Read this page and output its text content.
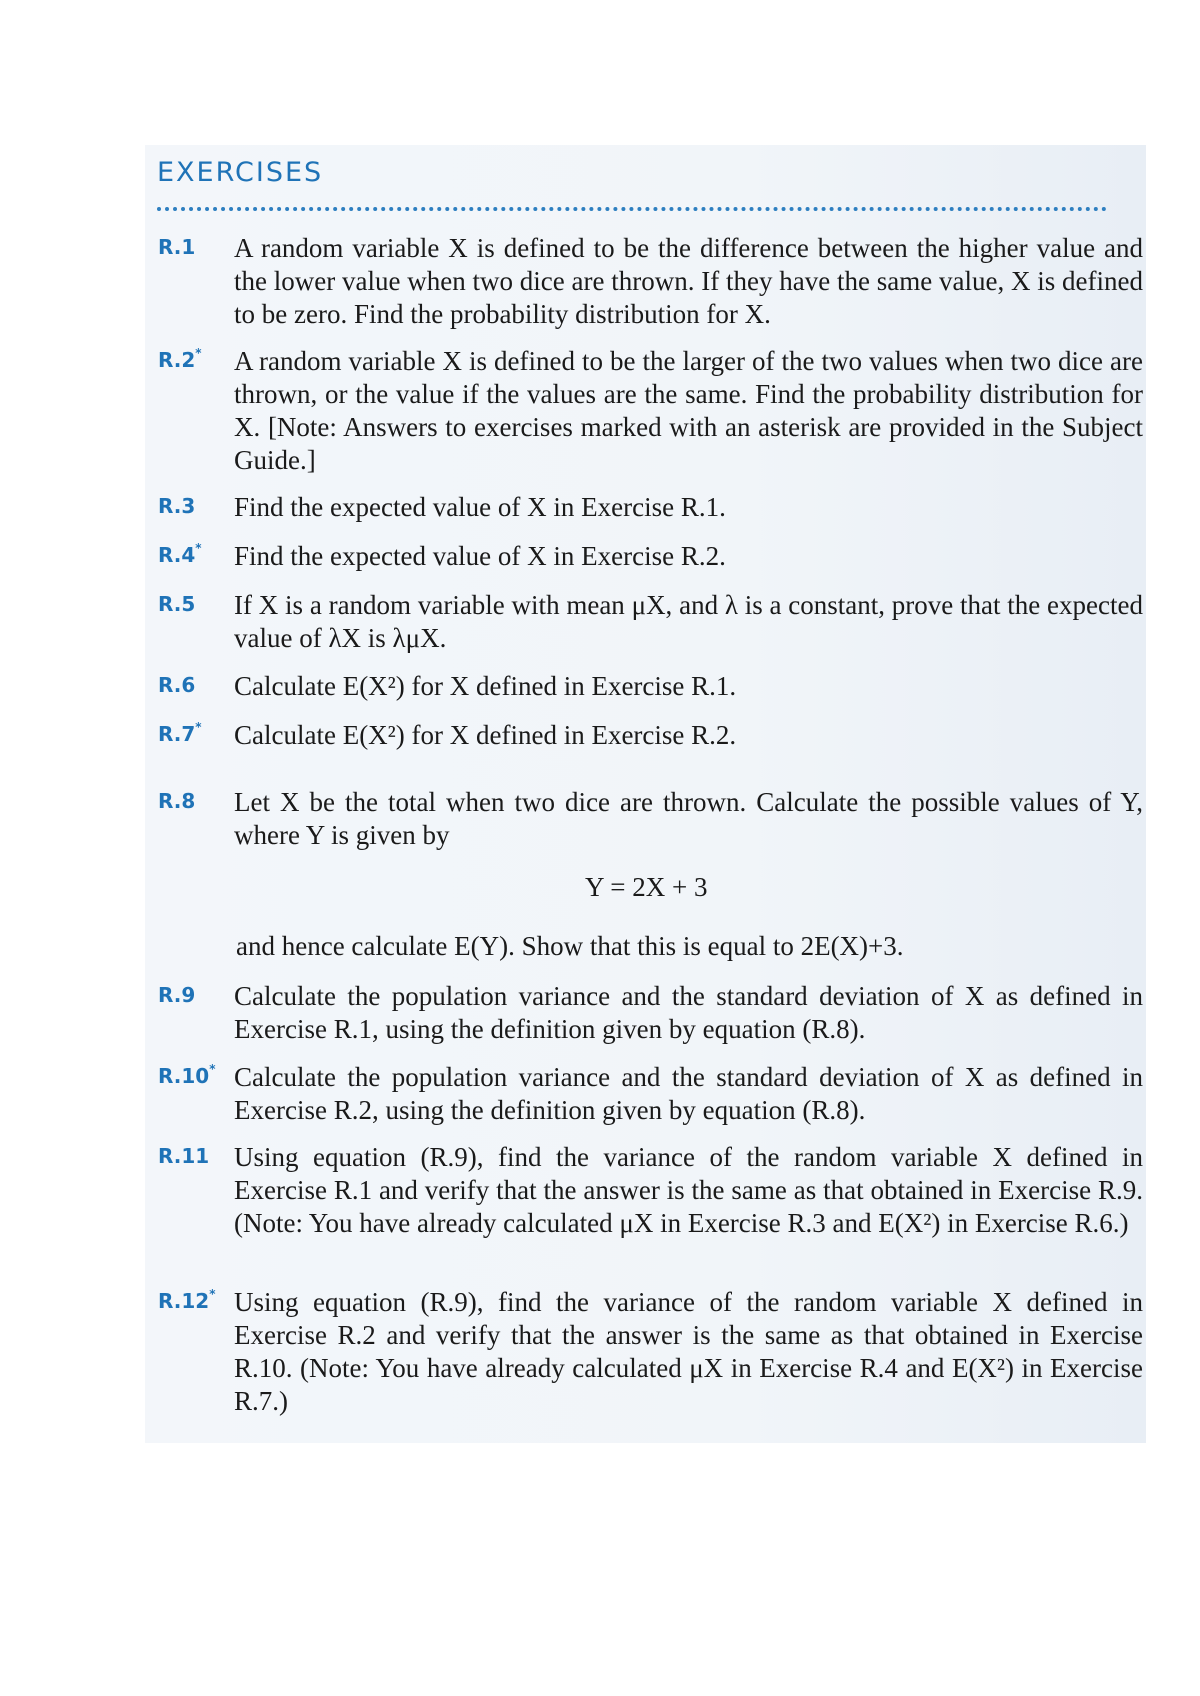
EXERCISES
R.1 A random variable X is defined to be the difference between the higher value and the lower value when two dice are thrown. If they have the same value, X is defined to be zero. Find the probability distribution for X.
R.2* A random variable X is defined to be the larger of the two values when two dice are thrown, or the value if the values are the same. Find the probability distribution for X. [Note: Answers to exercises marked with an asterisk are provided in the Subject Guide.]
R.3 Find the expected value of X in Exercise R.1.
R.4* Find the expected value of X in Exercise R.2.
R.5 If X is a random variable with mean μX, and λ is a constant, prove that the expected value of λX is λμX.
R.6 Calculate E(X²) for X defined in Exercise R.1.
R.7* Calculate E(X²) for X defined in Exercise R.2.
R.8 Let X be the total when two dice are thrown. Calculate the possible values of Y, where Y is given by
Y = 2X + 3
and hence calculate E(Y). Show that this is equal to 2E(X)+3.
R.9 Calculate the population variance and the standard deviation of X as defined in Exercise R.1, using the definition given by equation (R.8).
R.10* Calculate the population variance and the standard deviation of X as defined in Exercise R.2, using the definition given by equation (R.8).
R.11 Using equation (R.9), find the variance of the random variable X defined in Exercise R.1 and verify that the answer is the same as that obtained in Exercise R.9. (Note: You have already calculated μX in Exercise R.3 and E(X²) in Exercise R.6.)
R.12* Using equation (R.9), find the variance of the random variable X defined in Exercise R.2 and verify that the answer is the same as that obtained in Exercise R.10. (Note: You have already calculated μX in Exercise R.4 and E(X²) in Exercise R.7.)
